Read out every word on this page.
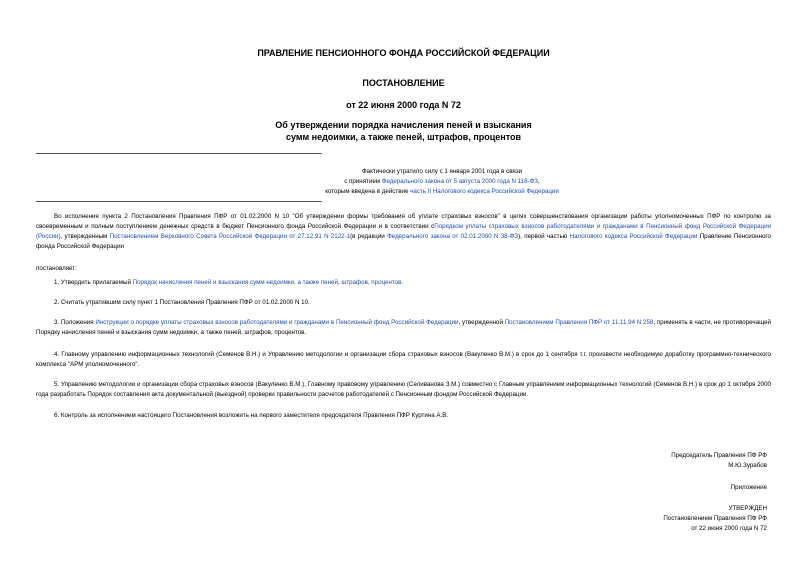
ПРАВЛЕНИЕ ПЕНСИОННОГО ФОНДА РОССИЙСКОЙ ФЕДЕРАЦИИ
ПОСТАНОВЛЕНИЕ
от 22 июня 2000 года N 72
Об утверждении порядка начисления пеней и взыскания
сумм недоимки, а также пеней, штрафов, процентов
Фактически утратило силу с 1 января 2001 года в связи
с принятием Федерального закона от 5 августа 2000 года N 118-ФЗ,
которым введена в действие часть II Налогового кодекса Российской Федерации
Во исполнение пункта 2 Постановления Правления ПФР от 01.02.2000 N 10 "Об утверждении формы требования об уплате страховых взносов" в целях совершенствования организации работы уполномоченных ПФР по контролю за своевременным и полным поступлением денежных средств в бюджет Пенсионного фонда Российской Федерации и в соответствии сПорядком уплаты страховых взносов работодателями и гражданами в Пенсионный фонд Российской Федерации (России), утвержденным Постановлением Верховного Совета Российской Федерации от 27.12.91 N 2122-1(в редакции Федерального закона от 02.01.2000 N 38-ФЗ), первой частью Налогового кодекса Российской Федерации Правление Пенсионного фонда Российской Федерации
постановляет:
1. Утвердить прилагаемый Порядок начисления пеней и взыскания сумм недоимки, а также пеней, штрафов, процентов.
2. Считать утратившим силу пункт 1 Постановления Правления ПФР от 01.02.2000 N 10.
3. Положения Инструкции о порядке уплаты страховых взносов работодателями и гражданами в Пенсионный фонд Российской Федерации, утвержденной Постановлением Правления ПФР от 11.11.94 N 258, применять в части, не противоречащей Порядку начисления пеней и взыскания сумм недоимки, а также пеней, штрафов, процентов.
4. Главному управлению информационных технологий (Семенов В.Н.) и Управлению методологии и организации сбора страховых взносов (Вакуленко В.М.) в срок до 1 сентября т.г. произвести необходимую доработку программно-технического комплекса "АРМ уполномоченного".
5. Управлению методологии и организации сбора страховых взносов (Вакуленко В.М.), Главному правовому управлению (Селиванова З.М.) совместно с Главным управлением информационных технологий (Семенов В.Н.) в срок до 1 октября 2000 года разработать Порядок составления акта документальной (выездной) проверки правильности расчетов работодателей с Пенсионным фондом Российской Федерации.
6. Контроль за исполнением настоящего Постановления возложить на первого заместителя председателя Правления ПФР Куртина А.В.
Председатель Правления ПФ РФ
М.Ю.Зурабов
Приложение
УТВЕРЖДЕН
Постановлением Правления ПФ РФ
от 22 июня 2000 года N 72
